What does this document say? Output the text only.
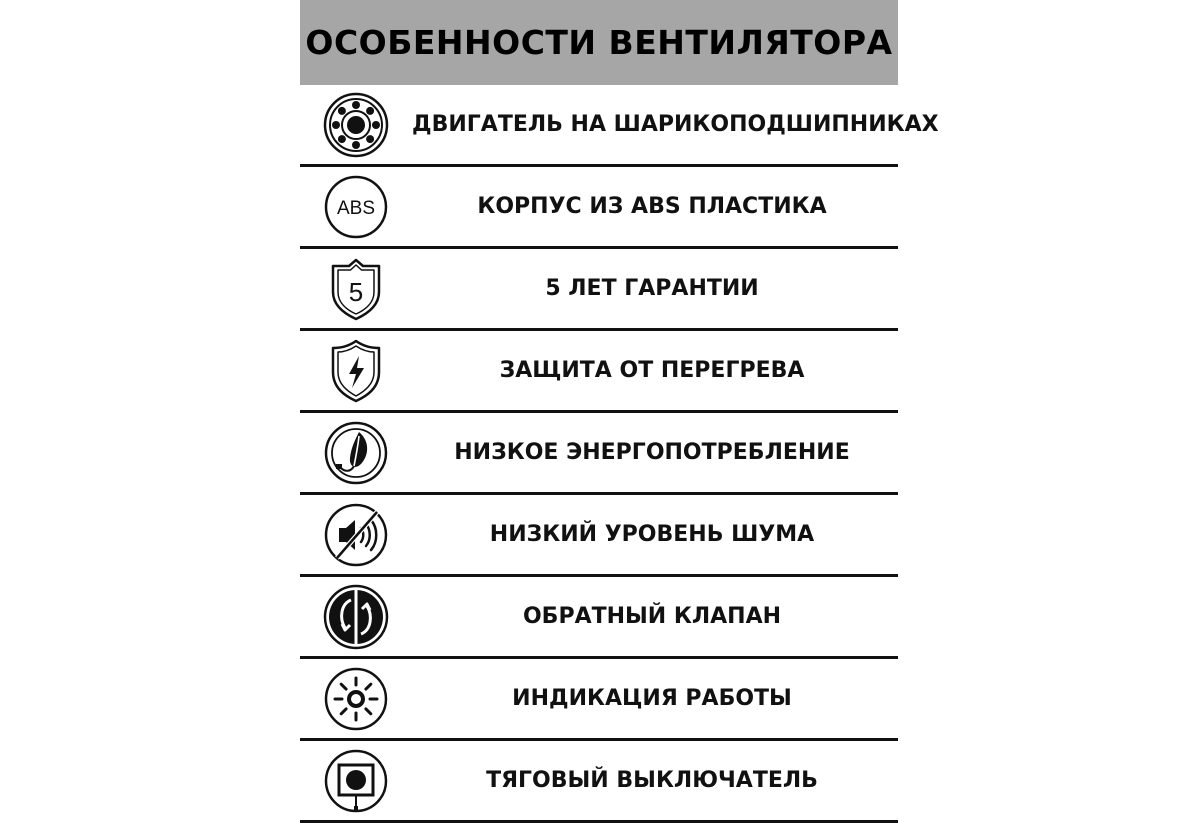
ОСОБЕННОСТИ ВЕНТИЛЯТОРА
ДВИГАТЕЛЬ НА ШАРИКОПОДШИПНИКАХ
ABS	КОРПУС ИЗ ABS ПЛАСТИКА
5	5 ЛЕТ ГАРАНТИИ
ЗАЩИТА ОТ ПЕРЕГРЕВА
НИЗКОЕ ЭНЕРГОПОТРЕБЛЕНИЕ
НИЗКИЙ УРОВЕНЬ ШУМА
ОБРАТНЫЙ КЛАПАН
ИНДИКАЦИЯ РАБОТЫ
ТЯГОВЫЙ ВЫКЛЮЧАТЕЛЬ
